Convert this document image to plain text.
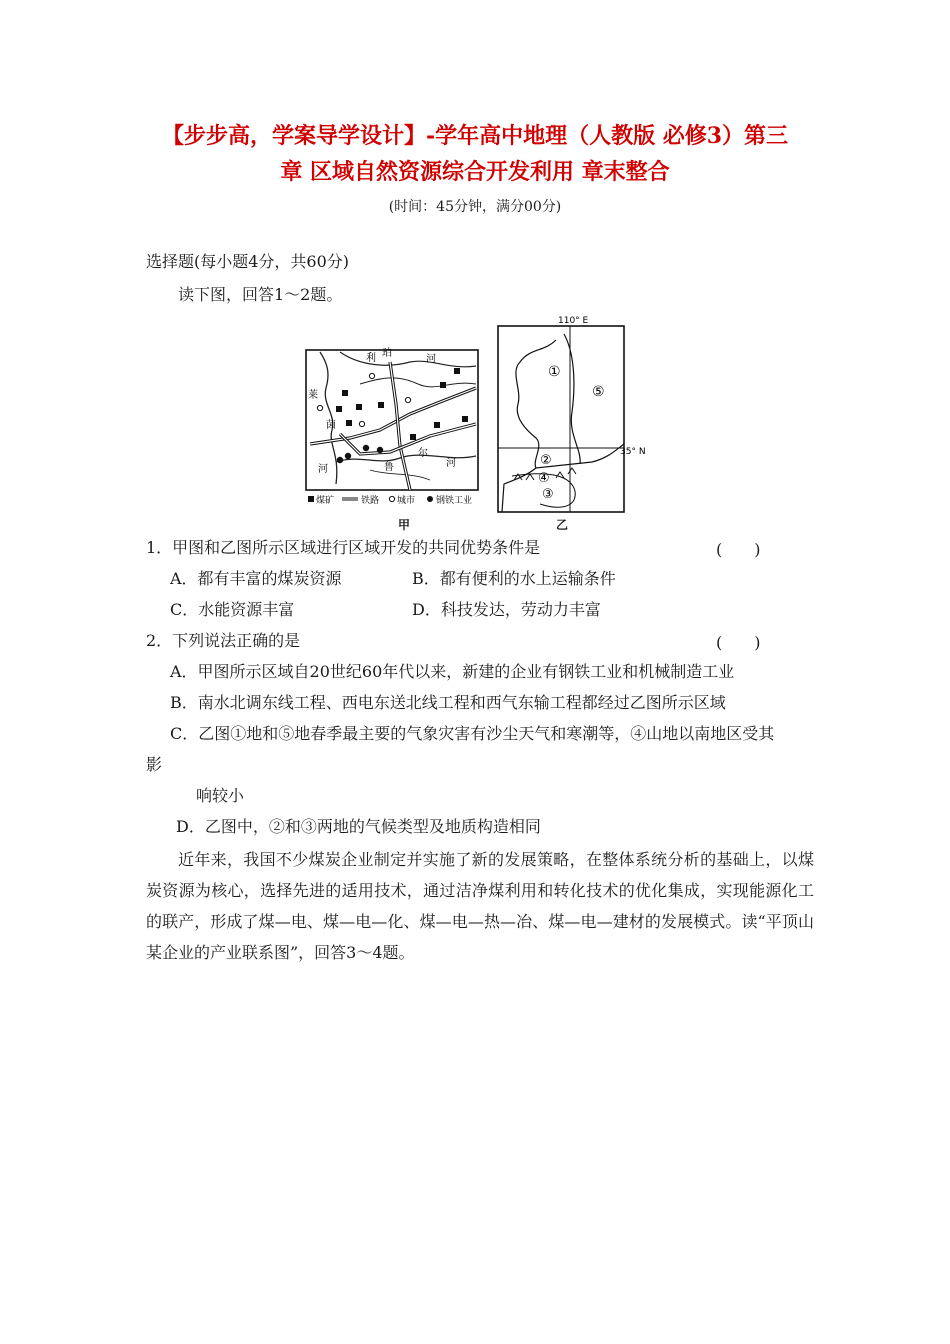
【步步高，学案导学设计】-学年高中地理（人教版 必修3）第三
章 区域自然资源综合开发利用 章末整合
(时间：45分钟，满分00分)
选择题(每小题4分，共60分)
读下图，回答1～2题。
利 珀
河
莱
茵
河	鲁
尔
河
煤矿	铁路 城市 钢铁工业
甲
110° E
35° N
①
⑤
②
④
③
乙
1．甲图和乙图所示区域进行区域开发的共同优势条件是	(　　)
A．都有丰富的煤炭资源	B．都有便利的水上运输条件
C．水能资源丰富	D．科技发达，劳动力丰富
2．下列说法正确的是	(　　)
A．甲图所示区域自20世纪60年代以来，新建的企业有钢铁工业和机械制造工业
B．南水北调东线工程、西电东送北线工程和西气东输工程都经过乙图所示区域
C．乙图①地和⑤地春季最主要的气象灾害有沙尘天气和寒潮等，④山地以南地区受其
影
响较小
D．乙图中，②和③两地的气候类型及地质构造相同
近年来，我国不少煤炭企业制定并实施了新的发展策略，在整体系统分析的基础上，以煤炭资源为核心，选择先进的适用技术，通过洁净煤利用和转化技术的优化集成，实现能源化工的联产，形成了煤—电、煤—电—化、煤—电—热—冶、煤—电—建材的发展模式。读“平顶山某企业的产业联系图”，回答3～4题。
